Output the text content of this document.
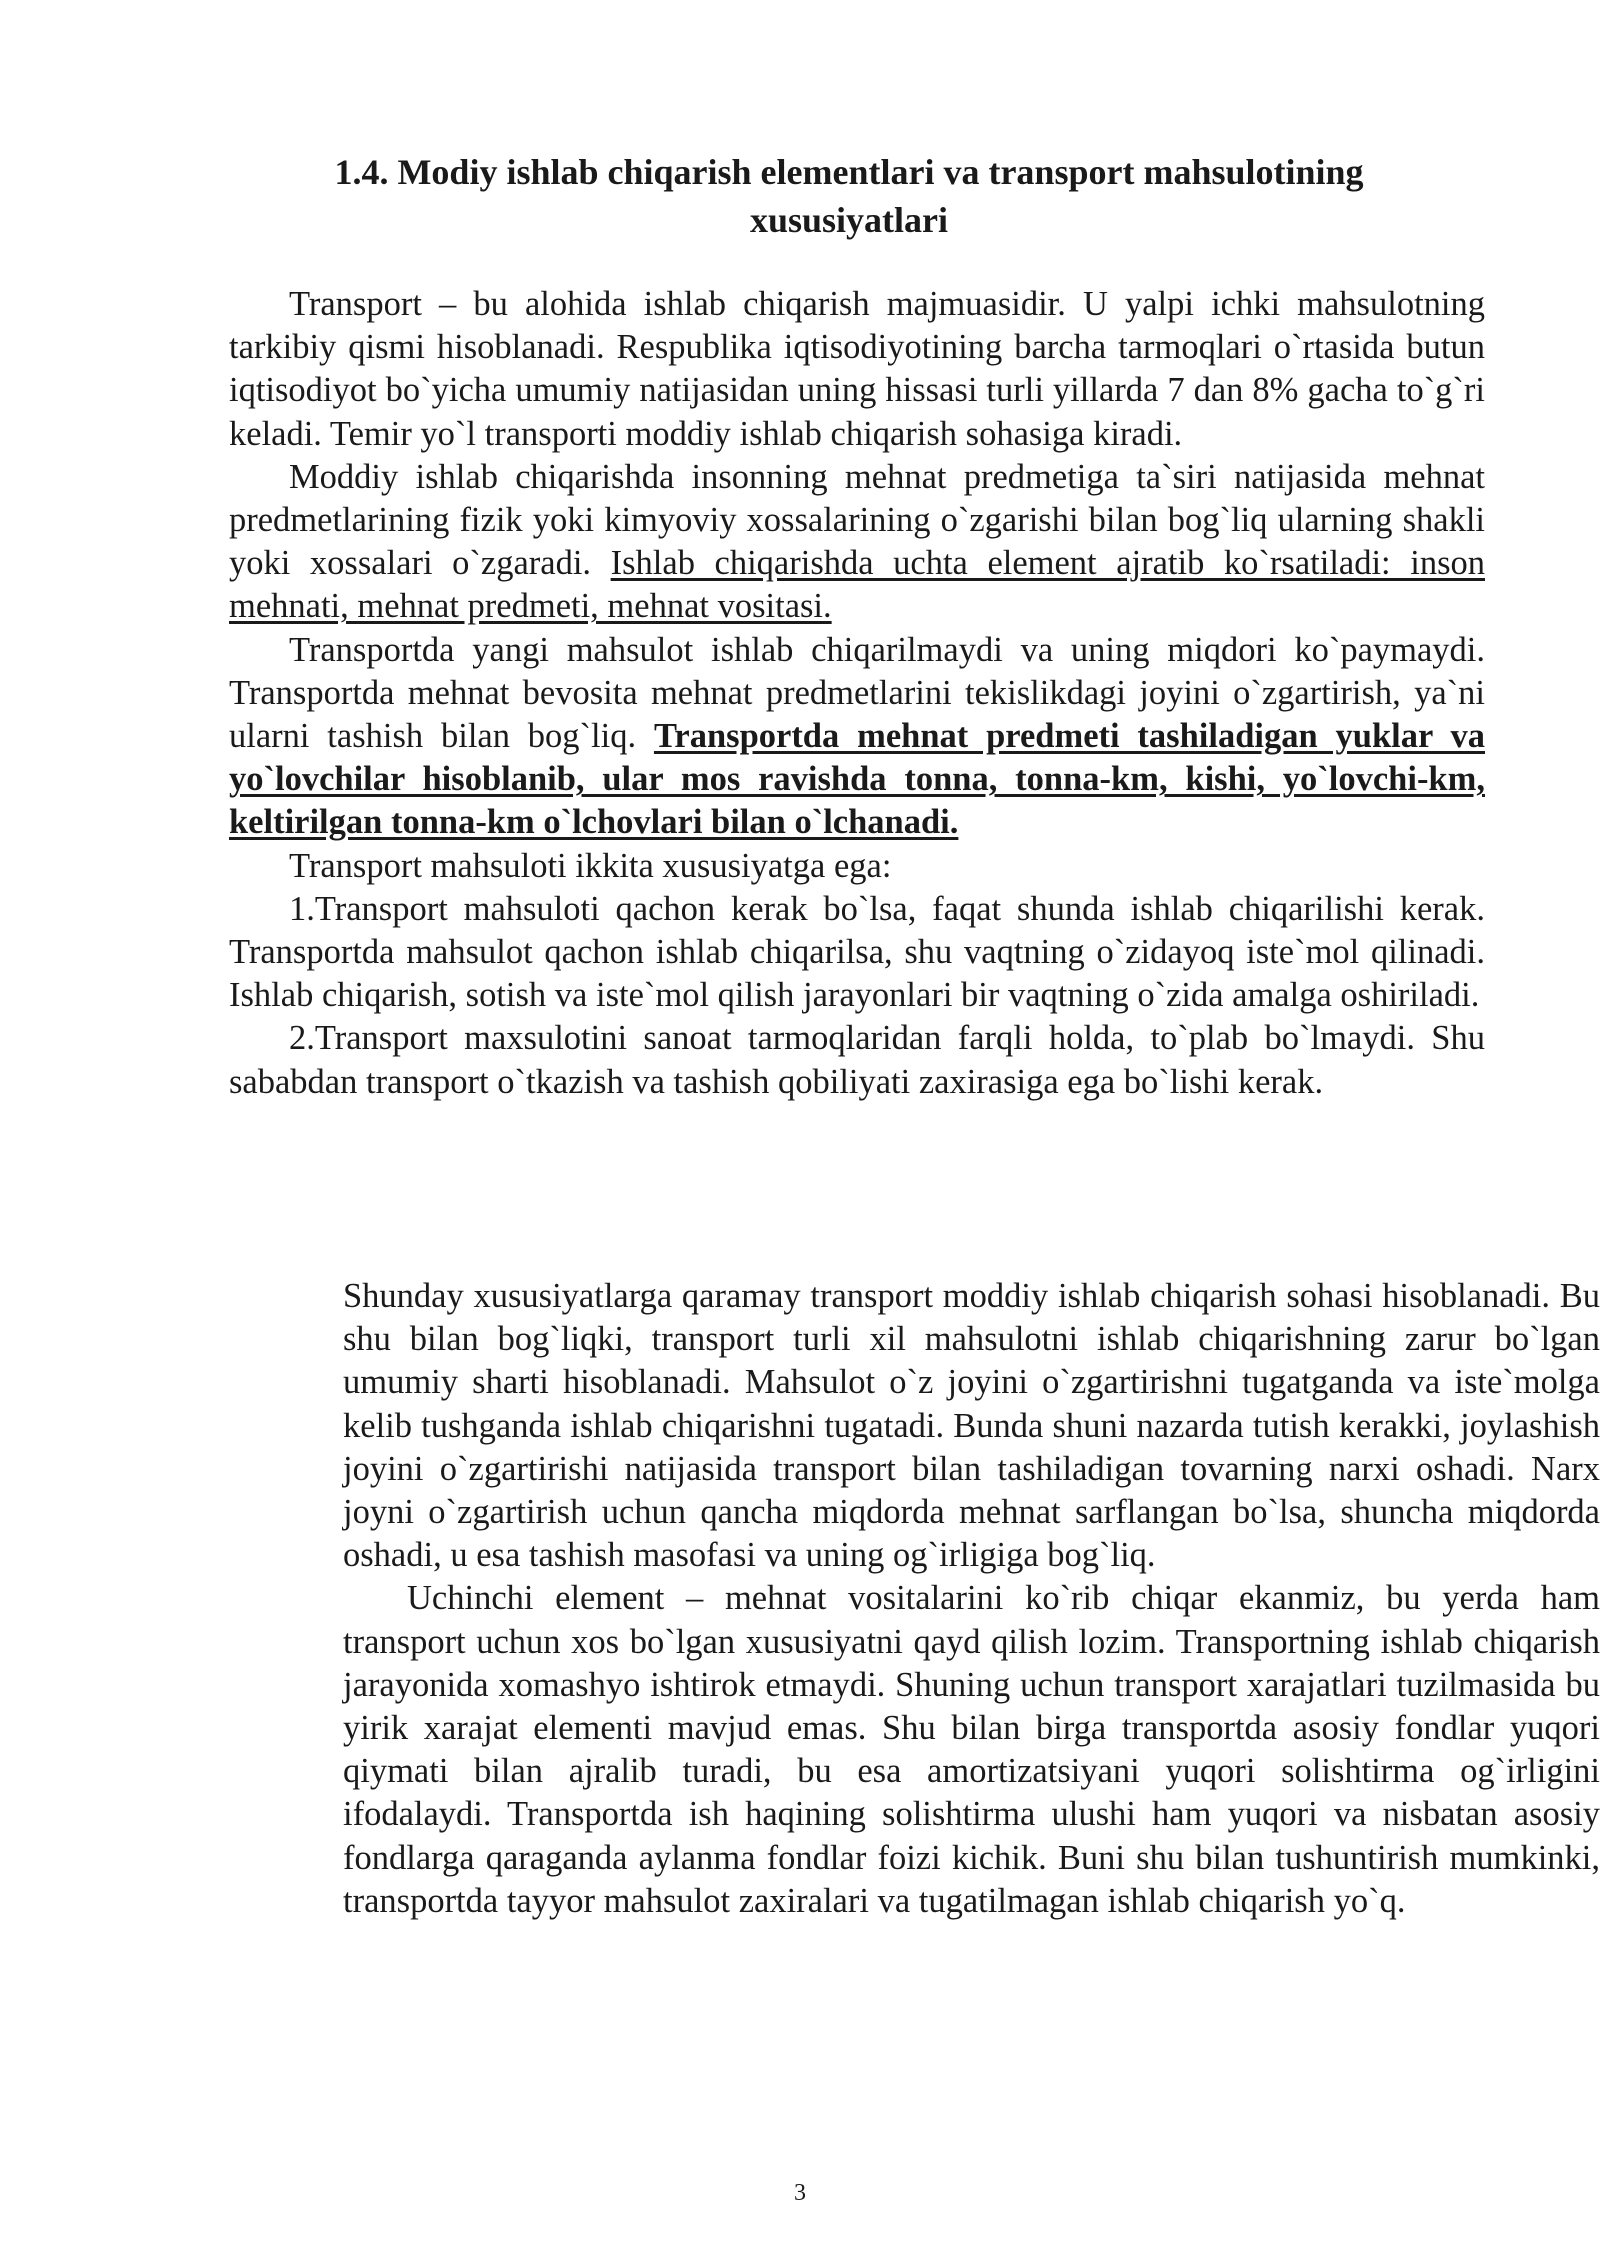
1.4. Modiy ishlab chiqarish elementlari va transport mahsulotining
xususiyatlari

Transport – bu alohida ishlab chiqarish majmuasidir. U yalpi ichki mahsulotning tarkibiy qismi hisoblanadi. Respublika iqtisodiyotining barcha tarmoqlari o`rtasida butun iqtisodiyot bo`yicha umumiy natijasidan uning hissasi turli yillarda 7 dan 8% gacha to`g`ri keladi. Temir yo`l transporti moddiy ishlab chiqarish sohasiga kiradi.

Moddiy ishlab chiqarishda insonning mehnat predmetiga ta`siri natijasida mehnat predmetlarining fizik yoki kimyoviy xossalarining o`zgarishi bilan bog`liq ularning shakli yoki xossalari o`zgaradi. Ishlab chiqarishda uchta element ajratib ko`rsatiladi: inson mehnati, mehnat predmeti, mehnat vositasi.

Transportda yangi mahsulot ishlab chiqarilmaydi va uning miqdori ko`paymaydi. Transportda mehnat bevosita mehnat predmetlarini tekislikdagi joyini o`zgartirish, ya`ni ularni tashish bilan bog`liq. Transportda mehnat predmeti tashiladigan yuklar va yo`lovchilar hisoblanib, ular mos ravishda tonna, tonna-km, kishi, yo`lovchi-km, keltirilgan tonna-km o`lchovlari bilan o`lchanadi.

Transport mahsuloti ikkita xususiyatga ega:

1.Transport mahsuloti qachon kerak bo`lsa, faqat shunda ishlab chiqarilishi kerak. Transportda mahsulot qachon ishlab chiqarilsa, shu vaqtning o`zidayoq iste`mol qilinadi. Ishlab chiqarish, sotish va iste`mol qilish jarayonlari bir vaqtning o`zida amalga oshiriladi.

2.Transport maxsulotini sanoat tarmoqlaridan farqli holda, to`plab bo`lmaydi. Shu sababdan transport o`tkazish va tashish qobiliyati zaxirasiga ega bo`lishi kerak.

Shunday xususiyatlarga qaramay transport moddiy ishlab chiqarish sohasi hisoblanadi. Bu shu bilan bog`liqki, transport turli xil mahsulotni ishlab chiqarishning zarur bo`lgan umumiy sharti hisoblanadi. Mahsulot o`z joyini o`zgartirishni tugatganda va iste`molga kelib tushganda ishlab chiqarishni tugatadi. Bunda shuni nazarda tutish kerakki, joylashish joyini o`zgartirishi natijasida transport bilan tashiladigan tovarning narxi oshadi. Narx joyni o`zgartirish uchun qancha miqdorda mehnat sarflangan bo`lsa, shuncha miqdorda oshadi, u esa tashish masofasi va uning og`irligiga bog`liq.

Uchinchi element – mehnat vositalarini ko`rib chiqar ekanmiz, bu yerda ham transport uchun xos bo`lgan xususiyatni qayd qilish lozim. Transportning ishlab chiqarish jarayonida xomashyo ishtirok etmaydi. Shuning uchun transport xarajatlari tuzilmasida bu yirik xarajat elementi mavjud emas. Shu bilan birga transportda asosiy fondlar yuqori qiymati bilan ajralib turadi, bu esa amortizatsiyani yuqori solishtirma og`irligini ifodalaydi. Transportda ish haqining solishtirma ulushi ham yuqori va nisbatan asosiy fondlarga qaraganda aylanma fondlar foizi kichik. Buni shu bilan tushuntirish mumkinki, transportda tayyor mahsulot zaxiralari va tugatilmagan ishlab chiqarish yo`q.

3
